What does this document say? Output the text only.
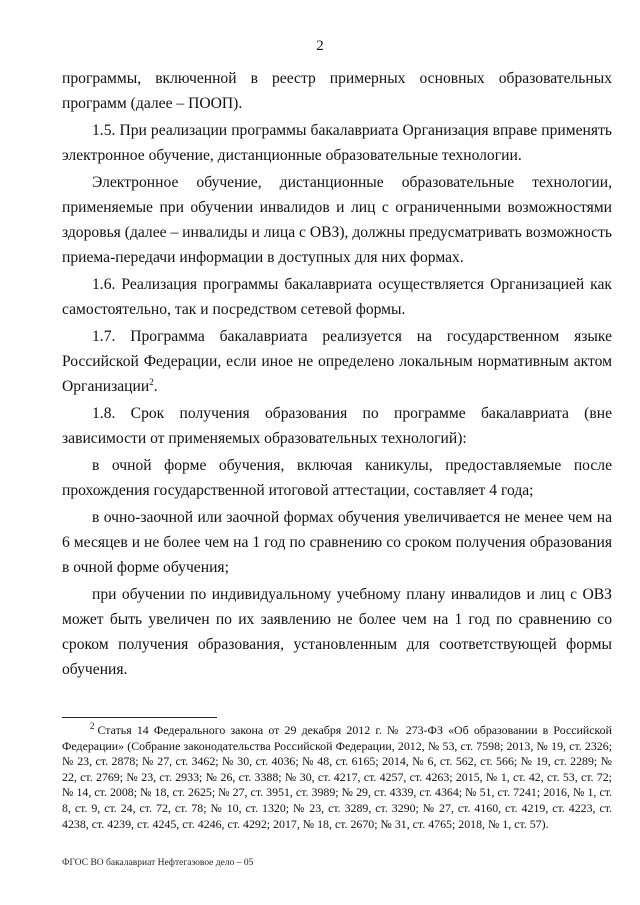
2

программы, включенной в реестр примерных основных образовательных программ (далее – ПООП).

1.5. При реализации программы бакалавриата Организация вправе применять электронное обучение, дистанционные образовательные технологии.

Электронное обучение, дистанционные образовательные технологии, применяемые при обучении инвалидов и лиц с ограниченными возможностями здоровья (далее – инвалиды и лица с ОВЗ), должны предусматривать возможность приема-передачи информации в доступных для них формах.

1.6. Реализация программы бакалавриата осуществляется Организацией как самостоятельно, так и посредством сетевой формы.

1.7. Программа бакалавриата реализуется на государственном языке Российской Федерации, если иное не определено локальным нормативным актом Организации$^2$.

1.8. Срок получения образования по программе бакалавриата (вне зависимости от применяемых образовательных технологий):

в очной форме обучения, включая каникулы, предоставляемые после прохождения государственной итоговой аттестации, составляет 4 года;

в очно-заочной или заочной формах обучения увеличивается не менее чем на 6 месяцев и не более чем на 1 год по сравнению со сроком получения образования в очной форме обучения;

при обучении по индивидуальному учебному плану инвалидов и лиц с ОВЗ может быть увеличен по их заявлению не более чем на 1 год по сравнению со сроком получения образования, установленным для соответствующей формы обучения.

$^2$ Статья 14 Федерального закона от 29 декабря 2012 г. № 273-ФЗ «Об образовании в Российской Федерации» (Собрание законодательства Российской Федерации, 2012, № 53, ст. 7598; 2013, № 19, ст. 2326; № 23, ст. 2878; № 27, ст. 3462; № 30, ст. 4036; № 48, ст. 6165; 2014, № 6, ст. 562, ст. 566; № 19, ст. 2289; № 22, ст. 2769; № 23, ст. 2933; № 26, ст. 3388; № 30, ст. 4217, ст. 4257, ст. 4263; 2015, № 1, ст. 42, ст. 53, ст. 72; № 14, ст. 2008; № 18, ст. 2625; № 27, ст. 3951, ст. 3989; № 29, ст. 4339, ст. 4364; № 51, ст. 7241; 2016, № 1, ст. 8, ст. 9, ст. 24, ст. 72, ст. 78; № 10, ст. 1320; № 23, ст. 3289, ст. 3290; № 27, ст. 4160, ст. 4219, ст. 4223, ст. 4238, ст. 4239, ст. 4245, ст. 4246, ст. 4292; 2017, № 18, ст. 2670; № 31, ст. 4765; 2018, № 1, ст. 57).
ФГОС ВО бакалавриат Нефтегазовое дело – 05
